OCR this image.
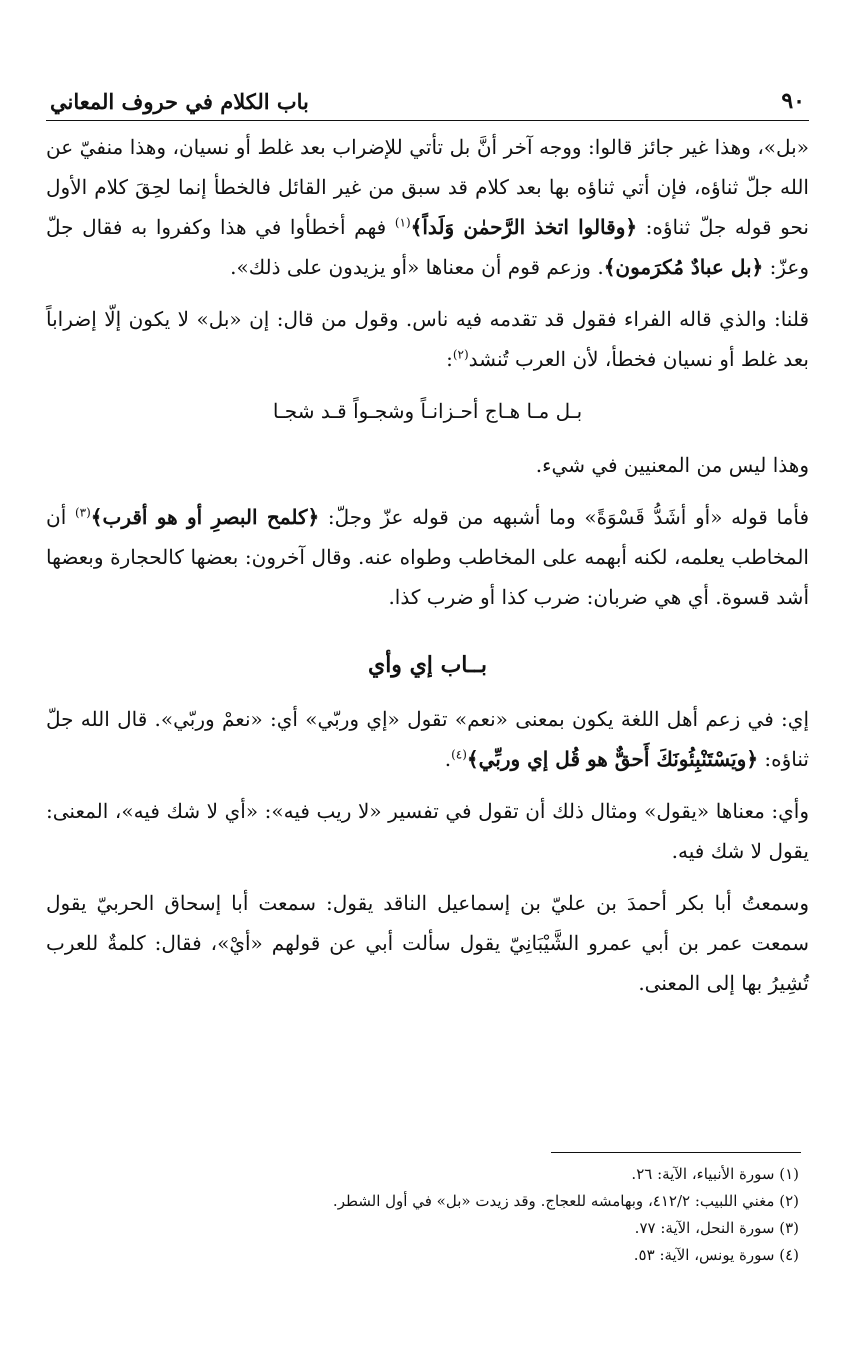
٩٠
باب الكلام في حروف المعاني

«بل»، وهذا غير جائز قالوا: ووجه آخر أنَّ بل تأتي للإضراب بعد غلط أو نسيان، وهذا منفيّ عن الله جلّ ثناؤه، فإن أتي ثناؤه بها بعد كلام قد سبق من غير القائل فالخطأ إنما لحِقَ كلام الأول نحو قوله جلّ ثناؤه: ﴿وقالوا اتخذ الرَّحمٰن وَلَداً﴾$^{(١)}$ فهم أخطأوا في هذا وكفروا به فقال جلّ وعزّ: ﴿بل عبادٌ مُكرَمون﴾. وزعم قوم أن معناها «أو يزيدون على ذلك».

قلنا: والذي قاله الفراء فقول قد تقدمه فيه ناس. وقول من قال: إن «بل» لا يكون إلّا إضراباً بعد غلط أو نسيان فخطأ، لأن العرب تُنشد$^{(٢)}$:

بـل مـا هـاج أحـزانـاً وشجـواً قـد شجـا

وهذا ليس من المعنيين في شيء.

فأما قوله «أو أشَدُّ قَسْوَةً» وما أشبهه من قوله عزّ وجلّ: ﴿كلمح البصرِ أو هو أقرب﴾$^{(٣)}$ أن المخاطب يعلمه، لكنه أبهمه على المخاطب وطواه عنه. وقال آخرون: بعضها كالحجارة وبعضها أشد قسوة. أي هي ضربان: ضرب كذا أو ضرب كذا.

بــاب إي وأي

إي: في زعم أهل اللغة يكون بمعنى «نعم» تقول «إي وربّي» أي: «نعمْ وربّي». قال الله جلّ ثناؤه: ﴿ويَسْتَنْبِئُونَكَ أَحقٌّ هو قُل إي وربِّي﴾$^{(٤)}$.

وأي: معناها «يقول» ومثال ذلك أن تقول في تفسير «لا ريب فيه»: «أي لا شك فيه»، المعنى: يقول لا شك فيه.

وسمعتُ أبا بكر أحمدَ بن عليّ بن إسماعيل الناقد يقول: سمعت أبا إسحاق الحربيّ يقول سمعت عمر بن أبي عمرو الشَّيْبَانِيّ يقول سألت أبي عن قولهم «أيْ»، فقال: كلمةٌ للعرب تُشِيرُ بها إلى المعنى.

(١) سورة الأنبياء، الآية: ٢٦.

(٢) مغني اللبيب: ٤١٢/٢، وبهامشه للعجاج. وقد زيدت «بل» في أول الشطر.

(٣) سورة النحل، الآية: ٧٧.

(٤) سورة يونس، الآية: ٥٣.
